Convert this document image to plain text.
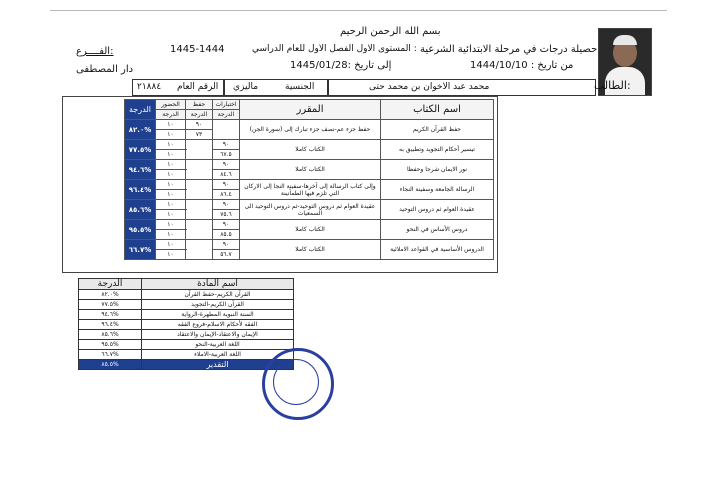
بسم الله الرحمن الرحيم
حصيلة درجات في مرحلة الابتدائية الشرعية
المستوى الاول الفصل الاول للعام الدراسي :
1445-1444
من تاريخ : 1444/10/10
إلى تاريخ :1445/01/28
الفــــرع:
دار المصطفى
محمد عبد الاخوان بن محمد حتى	الطالب:
الجنسية
ماليزي
الرقم العام
٢١٨٨٤
الدرجة	الحضور	حفظ	اختبارات	المقرر	اسم الكتاب
	الدرجة	الدرجة	الدرجة		
٨٢.٠%	١٠	٩٠		حفظ جزء عم-نصف جزء تبارك إلى (سورة الجن)	حفظ القرآن الكريم
	١٠	٧٣			
٧٧.٥%	١٠		٩٠	الكتاب كاملا	تيسير أحكام التجويد وتطبيق به
	١٠		٦٧.٥		
٩٤.٦%	١٠		٩٠	الكتاب كاملا	نور الايمان شرحا وحفظا
	١٠		٨٤.٦		
٩٦.٤%	١٠		٩٠	وإلى كتاب الرسالة إلى آخرها-سفينة النجا إلى الاركان التي تلزم فيها الطمأنينة	الرسالة الجامعة وسفينة النجاء
	١٠		٨٦.٤		
٨٥.٦%	١٠		٩٠	عقيدة العوام ثم دروس التوحيد-ثم دروس التوحيد الى السمعيات	عقيدة العوام ثم دروس التوحيد
	١٠		٧٥.٦		
٩٥.٥%	١٠		٩٠	الكتاب كاملا	دروس الأساس في النحو
	١٠		٨٥.٥		
٦٦.٧%	١٠		٩٠	الكتاب كاملا	الدروس الأساسية في القواعد الاملائية
	١٠		٥٦.٧		
الدرجة	اسم المادة
٨٢.٠%	القرآن الكريم-حفظ القرآن
٧٧.٥%	القرآن الكريم-التجويد
٩٤.٦%	السنة النبوية المطهرة-الرواية
٩٦.٤%	الفقه لأحكام الاسلام-فروع الفقه
٨٥.٦%	الإيمان والاعتقاد-الإيمان والاعتقاد
٩٥.٥%	اللغة العربية-النحو
٦٦.٧%	اللغة العربية-الاملاء
٨٥.٥%	التقدير
